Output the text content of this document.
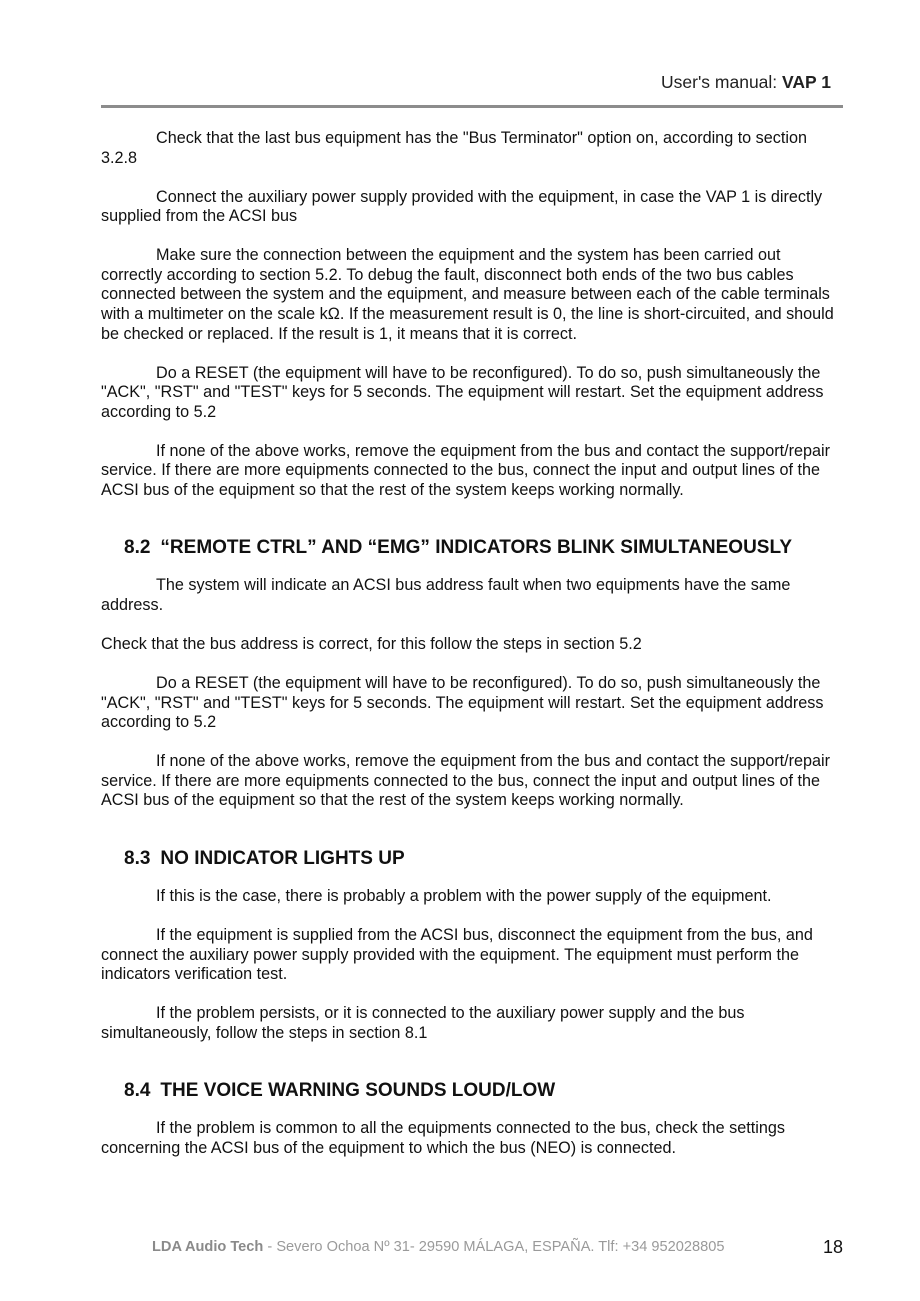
User's manual: VAP 1

Check that the last bus equipment has the "Bus Terminator" option on, according to section 3.2.8

Connect the auxiliary power supply provided with the equipment, in case the VAP 1 is directly supplied from the ACSI bus

Make sure the connection between the equipment and the system has been carried out correctly according to section 5.2. To debug the fault, disconnect both ends of the two bus cables connected between the system and the equipment, and measure between each of the cable terminals with a multimeter on the scale kΩ. If the measurement result is 0, the line is short-circuited, and should be checked or replaced. If the result is 1, it means that it is correct.

Do a RESET (the equipment will have to be reconfigured). To do so, push simultaneously the "ACK", "RST" and "TEST" keys for 5 seconds. The equipment will restart. Set the equipment address according to 5.2

If none of the above works, remove the equipment from the bus and contact the support/repair service. If there are more equipments connected to the bus, connect the input and output lines of the ACSI bus of the equipment so that the rest of the system keeps working normally.

8.2 “REMOTE CTRL” AND “EMG” INDICATORS BLINK SIMULTANEOUSLY

The system will indicate an ACSI bus address fault when two equipments have the same address.

Check that the bus address is correct, for this follow the steps in section 5.2

Do a RESET (the equipment will have to be reconfigured). To do so, push simultaneously the "ACK", "RST" and "TEST" keys for 5 seconds. The equipment will restart. Set the equipment address according to 5.2

If none of the above works, remove the equipment from the bus and contact the support/repair service. If there are more equipments connected to the bus, connect the input and output lines of the ACSI bus of the equipment so that the rest of the system keeps working normally.

8.3 NO INDICATOR LIGHTS UP

If this is the case, there is probably a problem with the power supply of the equipment.

If the equipment is supplied from the ACSI bus, disconnect the equipment from the bus, and connect the auxiliary power supply provided with the equipment. The equipment must perform the indicators verification test.

If the problem persists, or it is connected to the auxiliary power supply and the bus simultaneously, follow the steps in section 8.1

8.4 THE VOICE WARNING SOUNDS LOUD/LOW

If the problem is common to all the equipments connected to the bus, check the settings concerning the ACSI bus of the equipment to which the bus (NEO) is connected.

LDA Audio Tech - Severo Ochoa Nº 31- 29590 MÁLAGA, ESPAÑA. Tlf: +34 952028805	18
